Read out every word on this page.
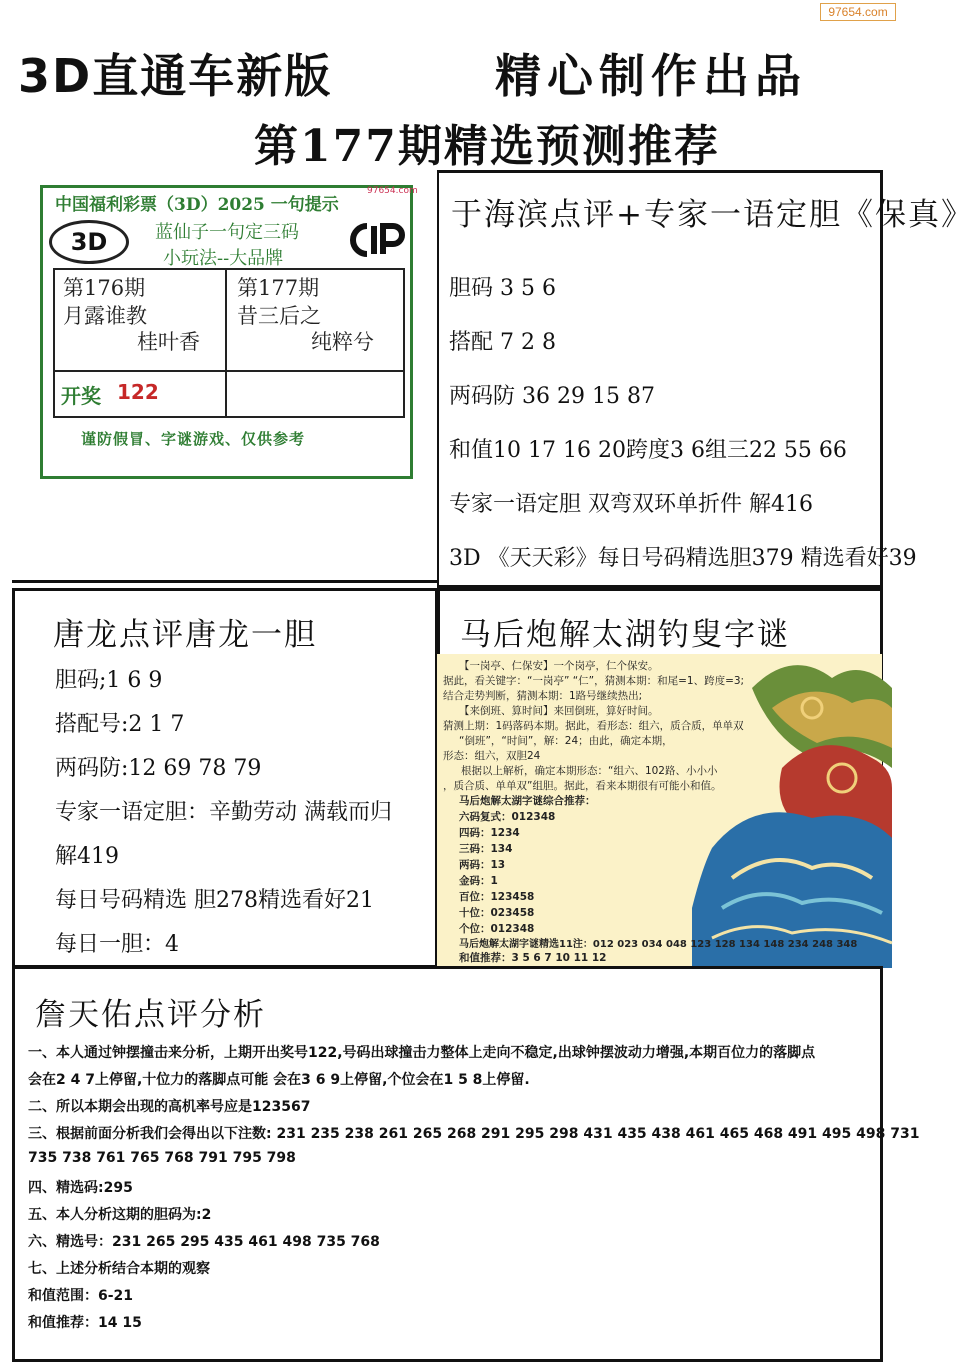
97654.com
3D直通车新版	精心制作出品
第177期精选预测推荐
中国福利彩票（3D）2025 一句提示
97654.com
3D	蓝仙子一句定三码
小玩法--大品牌
第176期
月露谁教
桂叶香
第177期
昔三后之
纯粹兮
开奖 122
谨防假冒、字谜游戏、仅供参考
于海滨点评+专家一语定胆《保真》
胆码 3 5 6
搭配 7 2 8
两码防 36 29 15 87
和值10 17 16 20跨度3 6组三22 55 66
专家一语定胆 双弯双环单折件 解416
3D 《天天彩》每日号码精选胆379 精选看好39
唐龙点评唐龙一胆
胆码;1 6 9
搭配号:2 1 7
两码防:12 69 78 79
专家一语定胆：辛勤劳动 满载而归
解419
每日号码精选 胆278精选看好21
每日一胆：4
马后炮解太湖钓叟字谜
【一岗亭、仁保安】一个岗亭，仁个保安。
据此，看关键字：“一岗亭” “仁”，猜测本期：和尾=1、跨度=3;
结合走势判断，猜测本期：1路号继续热出;
【来倒班、算时间】来回倒班，算好时间。
猜测上期：1码落码本期。据此，看形态：组六，质合质，单单双
“倒班”，“时间”，解：24；由此，确定本期，
形态：组六，双胆24
根据以上解析，确定本期形态：“组六、102路、小小小
，质合质、单单双”组胆。据此，看来本期很有可能小和值。
马后炮解太湖字谜综合推荐：
六码复式：012348
四码：1234
三码：134
两码：13
金码：1
百位：123458
十位：023458
个位：012348
马后炮解太湖字谜精选11注：012 023 034 048 123 128 134 148 234 248 348
和值推荐：3 5 6 7 10 11 12
詹天佑点评分析
一、本人通过钟摆撞击来分析，上期开出奖号122,号码出球撞击力整体上走向不稳定,出球钟摆波动力增强,本期百位力的落脚点
会在2 4 7上停留,十位力的落脚点可能 会在3 6 9上停留,个位会在1 5 8上停留.
二、所以本期会出现的高机率号应是123567
三、根据前面分析我们会得出以下注数: 231 235 238 261 265 268 291 295 298 431 435 438 461 465 468 491 495 498 731
735 738 761 765 768 791 795 798
四、精选码:295
五、本人分析这期的胆码为:2
六、精选号：231 265 295 435 461 498 735 768
七、上述分析结合本期的观察
和值范围：6-21
和值推荐：14 15
